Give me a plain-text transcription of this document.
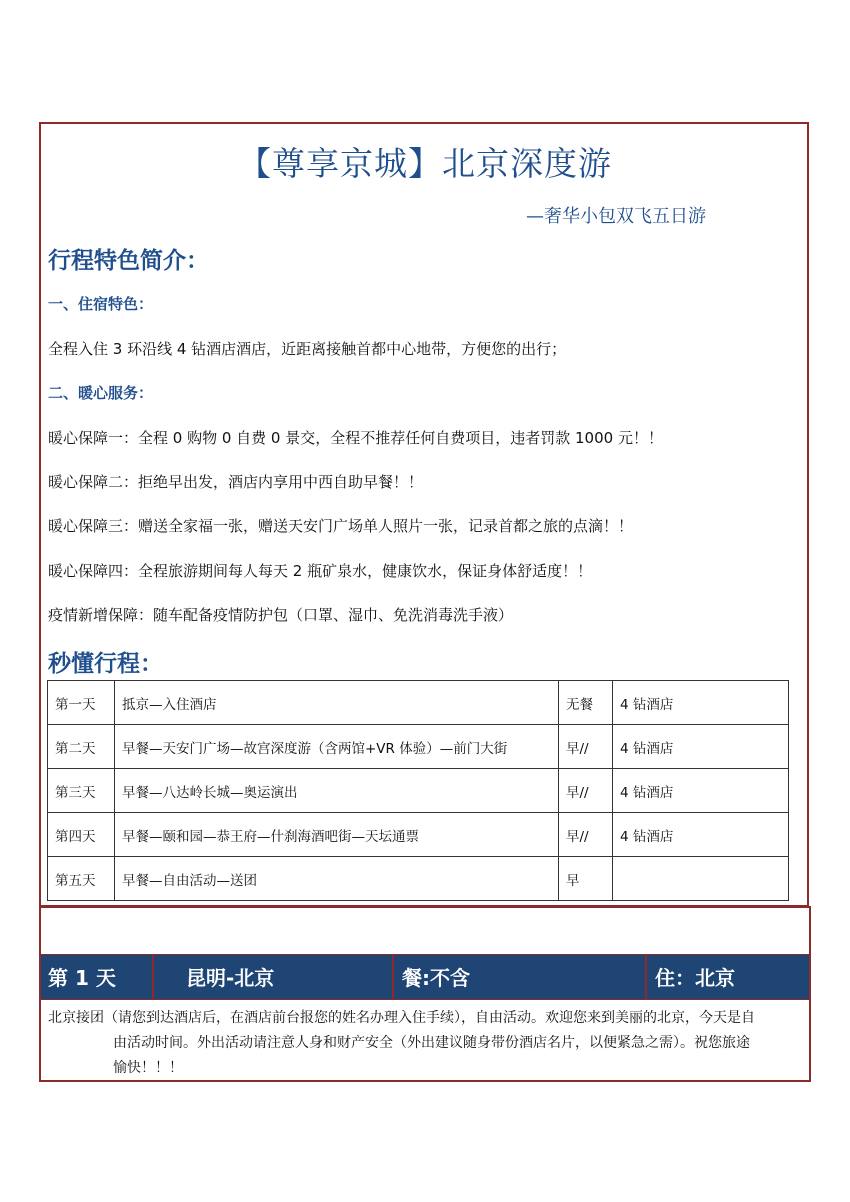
【尊享京城】北京深度游
—奢华小包双飞五日游
行程特色简介：
一、住宿特色：
全程入住 3 环沿线 4 钻酒店酒店，近距离接触首都中心地带，方便您的出行；
二、暖心服务：
暖心保障一：全程 0 购物 0 自费 0 景交，全程不推荐任何自费项目，违者罚款 1000 元！！
暖心保障二：拒绝早出发，酒店内享用中西自助早餐！！
暖心保障三：赠送全家福一张，赠送天安门广场单人照片一张，记录首都之旅的点滴！！
暖心保障四：全程旅游期间每人每天 2 瓶矿泉水，健康饮水，保证身体舒适度！！
疫情新增保障：随车配备疫情防护包（口罩、湿巾、免洗消毒洗手液）
秒懂行程：
第一天	抵京—入住酒店	无餐	4 钻酒店
第二天	早餐—天安门广场—故宫深度游（含两馆+VR 体验）—前门大街	早//	4 钻酒店
第三天	早餐—八达岭长城—奥运演出	早//	4 钻酒店
第四天	早餐—颐和园—恭王府—什刹海酒吧街—天坛通票	早//	4 钻酒店
第五天	早餐—自由活动—送团	早	
第 1 天	昆明-北京	餐:不含	住：北京
北京接团（请您到达酒店后，在酒店前台报您的姓名办理入住手续），自由活动。欢迎您来到美丽的北京，今天是自
由活动时间。外出活动请注意人身和财产安全（外出建议随身带份酒店名片，以便紧急之需）。祝您旅途
愉快！！！
